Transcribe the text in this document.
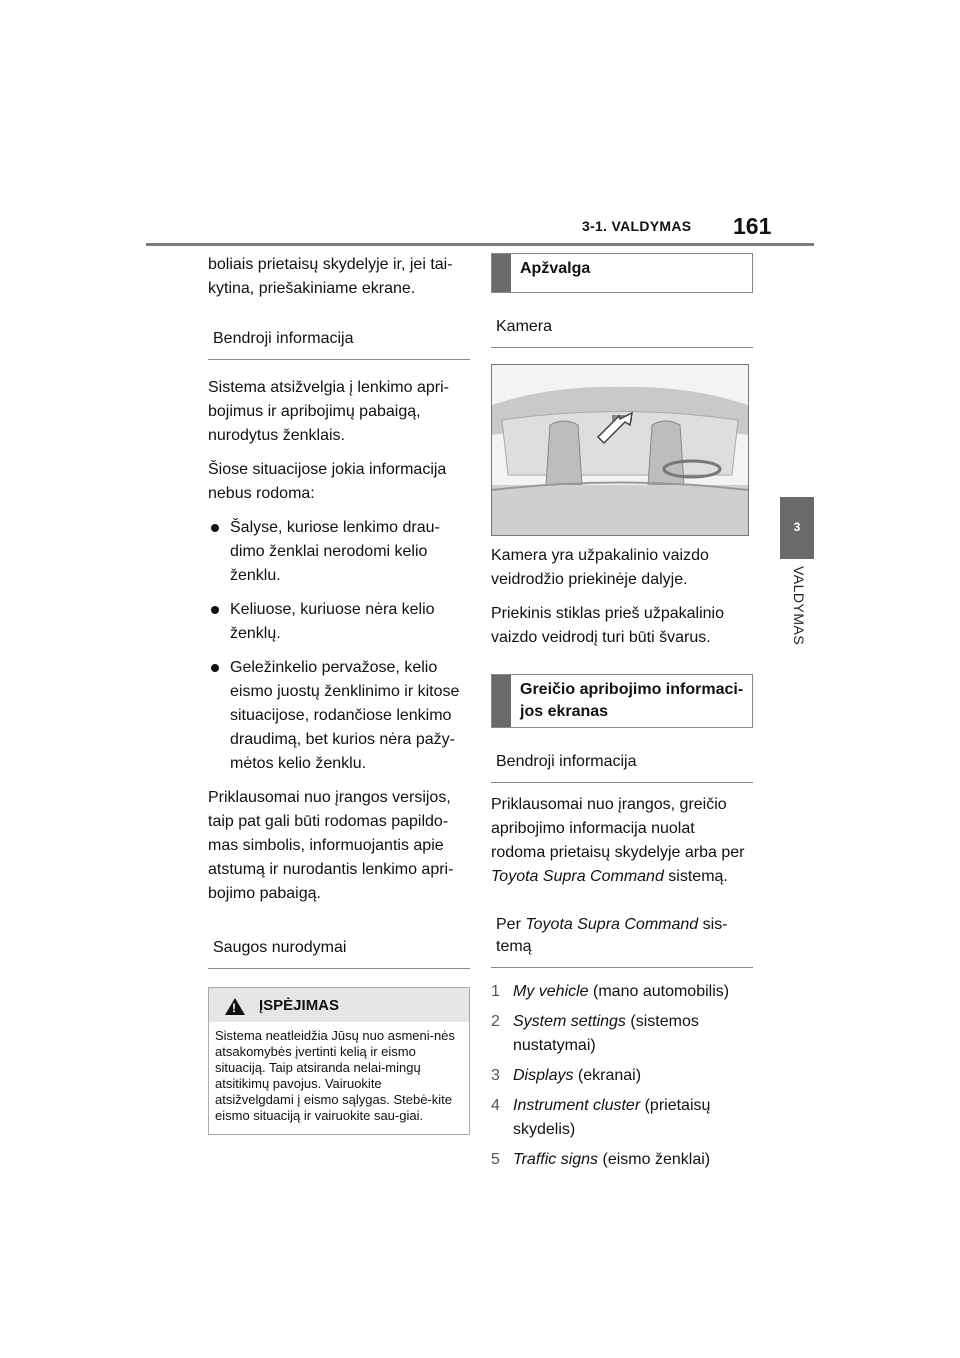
3-1. VALDYMAS 161
3
VALDYMAS

boliais prietaisų skydelyje ir, jei tai-kytina, priešakiniame ekrane.

Bendroji informacija

Sistema atsižvelgia į lenkimo apri-bojimus ir apribojimų pabaigą, nurodytus ženklais.

Šiose situacijose jokia informacija nebus rodoma:

Šalyse, kuriose lenkimo drau-dimo ženklai nerodomi kelio ženklu.
Keliuose, kuriuose nėra kelio ženklų.
Geležinkelio pervažose, kelio eismo juostų ženklinimo ir kitose situacijose, rodančiose lenkimo draudimą, bet kurios nėra pažy-mėtos kelio ženklu.

Priklausomai nuo įrangos versijos, taip pat gali būti rodomas papildo-mas simbolis, informuojantis apie atstumą ir nurodantis lenkimo apri-bojimo pabaigą.

Saugos nurodymai
!
ĮSPĖJIMAS
Sistema neatleidžia Jūsų nuo asmeni-nės atsakomybės įvertinti kelią ir eismo situaciją. Taip atsiranda nelai-mingų atsitikimų pavojus. Vairuokite atsižvelgdami į eismo sąlygas. Stebė-kite eismo situaciją ir vairuokite sau-giai.
Apžvalga
Kamera

Kamera yra užpakalinio vaizdo veidrodžio priekinėje dalyje.

Priekinis stiklas prieš užpakalinio vaizdo veidrodį turi būti švarus.

Greičio apribojimo informaci-jos ekranas
Bendroji informacija

Priklausomai nuo įrangos, greičio apribojimo informacija nuolat rodoma prietaisų skydelyje arba per Toyota Supra Command sistemą.

Per Toyota Supra Command sis-temą
1 My vehicle (mano automobilis)
2 System settings (sistemos nustatymai)
3 Displays (ekranai)
4 Instrument cluster (prietaisų skydelis)
5 Traffic signs (eismo ženklai)
